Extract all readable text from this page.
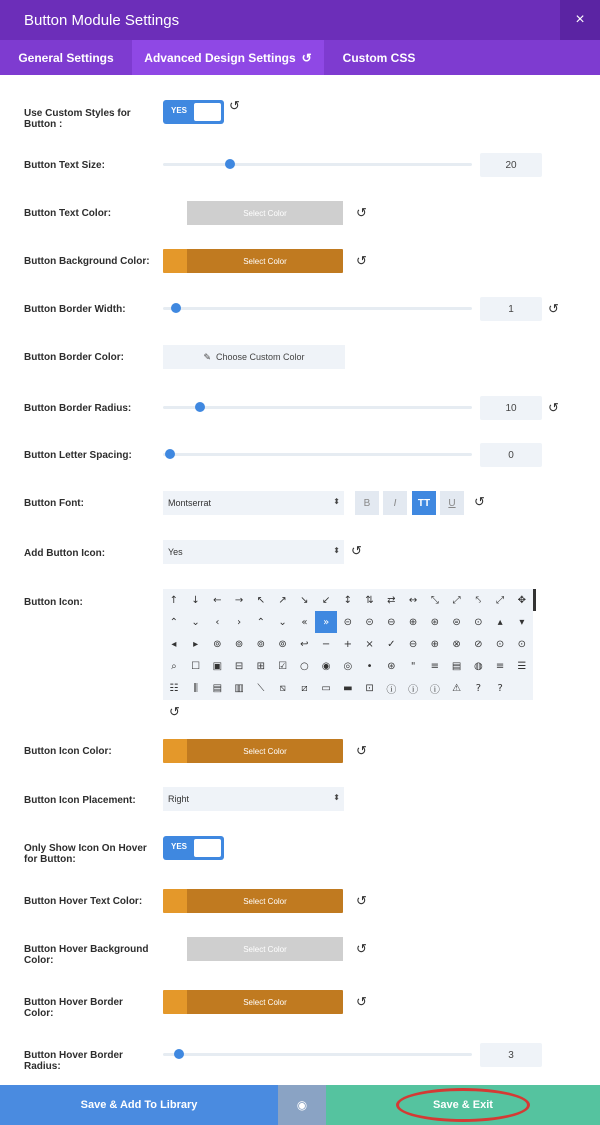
Button Module Settings	×
General Settings	Advanced Design Settings ↺	Custom CSS
Use Custom Styles for Button :
YES	↺
Button Text Size:	20
Button Text Color:	Select Color	↺
Button Background Color:	Select Color	↺
Button Border Width:	1	↺
Button Border Color:	✎ Choose Custom Color
Button Border Radius:	10	↺
Button Letter Spacing:	0
Button Font:	Montserrat	⬍	B	I	TT	U	↺
Add Button Icon:	Yes	⬍ ↺
Button Icon:	↑	↓	←	→	↖	↗	↘	↙	↕	⇅	⇄	↔	⤡	⤢	⤣	⤢	✥
⌃	⌄	‹	›	⌃	⌄	«	»	⊝	⊝	⊖	⊕	⊛	⊜	⊙	▴	▾
◂	▸	⊚	⊚	⊚	⊚	↩	−	+	×	✓	⊖	⊕	⊗	⊘	⊙	⊙
⌕	☐	▣	⊟	⊞	☑	○	◉	◎	•	⊛	"	≡	▤	◍	≡	☰
☷	⫼	▤	▥	⟍	⧅	⧄	▭	▬	⊡	ⓘ	ⓘ	ⓘ	⚠	?	?
↺
Button Icon Color:	Select Color	↺
Button Icon Placement:	Right	⬍
Only Show Icon On Hover for Button:
YES
Button Hover Text Color:	Select Color	↺
Button Hover Background Color:
Select Color	↺
Button Hover Border Color:
Select Color	↺
Button Hover Border Radius:
3
Save & Add To Library	◉	Save & Exit
